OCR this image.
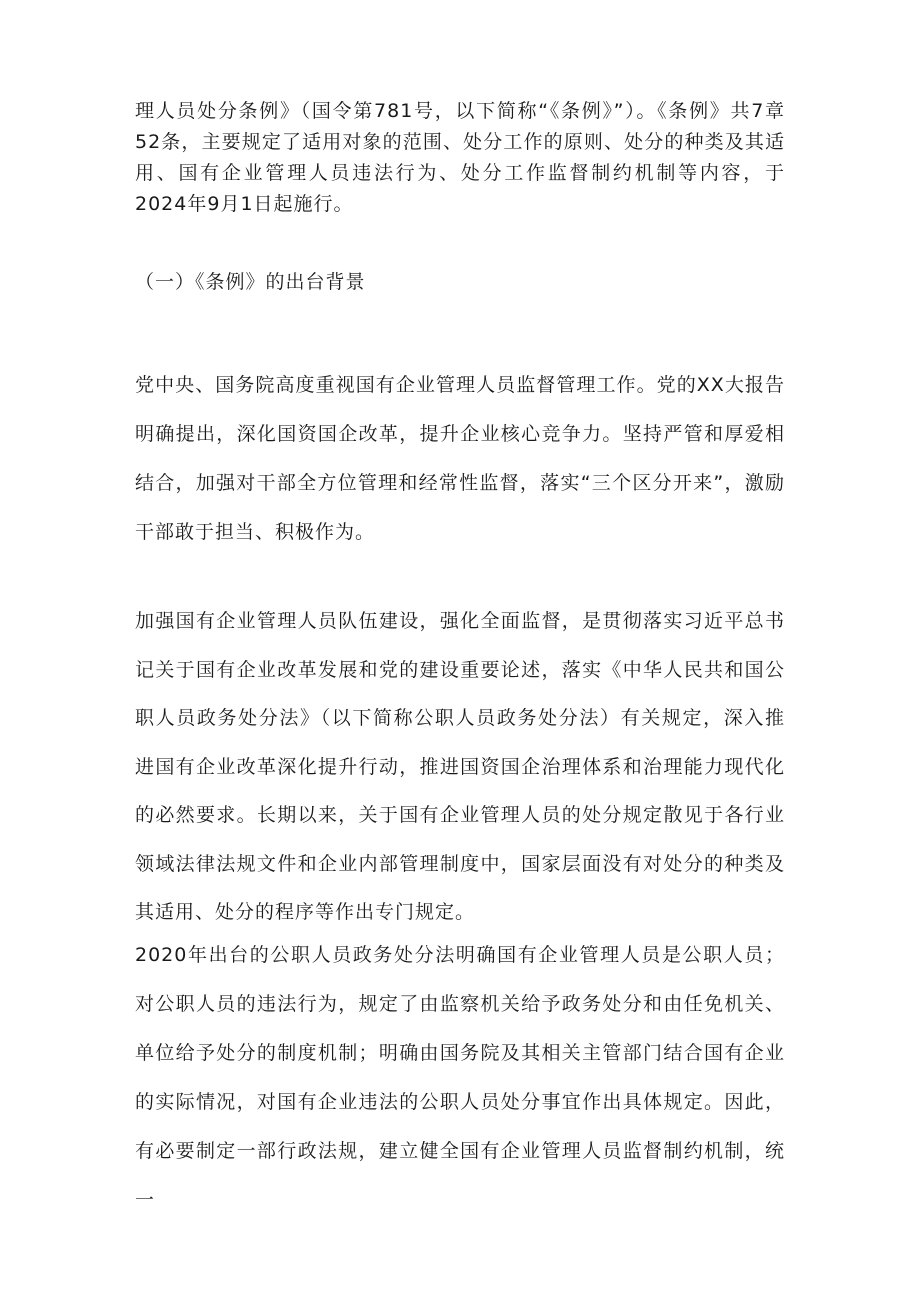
理人员处分条例》（国令第781号，以下简称“《条例》”）。《条例》共7章52条，主要规定了适用对象的范围、处分工作的原则、处分的种类及其适用、国有企业管理人员违法行为、处分工作监督制约机制等内容，于2024年9月1日起施行。

（一）《条例》的出台背景

党中央、国务院高度重视国有企业管理人员监督管理工作。党的XX大报告明确提出，深化国资国企改革，提升企业核心竞争力。坚持严管和厚爱相结合，加强对干部全方位管理和经常性监督，落实“三个区分开来”，激励干部敢于担当、积极作为。

加强国有企业管理人员队伍建设，强化全面监督，是贯彻落实习近平总书记关于国有企业改革发展和党的建设重要论述，落实《中华人民共和国公职人员政务处分法》（以下简称公职人员政务处分法）有关规定，深入推进国有企业改革深化提升行动，推进国资国企治理体系和治理能力现代化的必然要求。长期以来，关于国有企业管理人员的处分规定散见于各行业领域法律法规文件和企业内部管理制度中，国家层面没有对处分的种类及其适用、处分的程序等作出专门规定。

2020年出台的公职人员政务处分法明确国有企业管理人员是公职人员；对公职人员的违法行为，规定了由监察机关给予政务处分和由任免机关、单位给予处分的制度机制；明确由国务院及其相关主管部门结合国有企业的实际情况，对国有企业违法的公职人员处分事宜作出具体规定。因此，有必要制定一部行政法规，建立健全国有企业管理人员监督制约机制，统一
